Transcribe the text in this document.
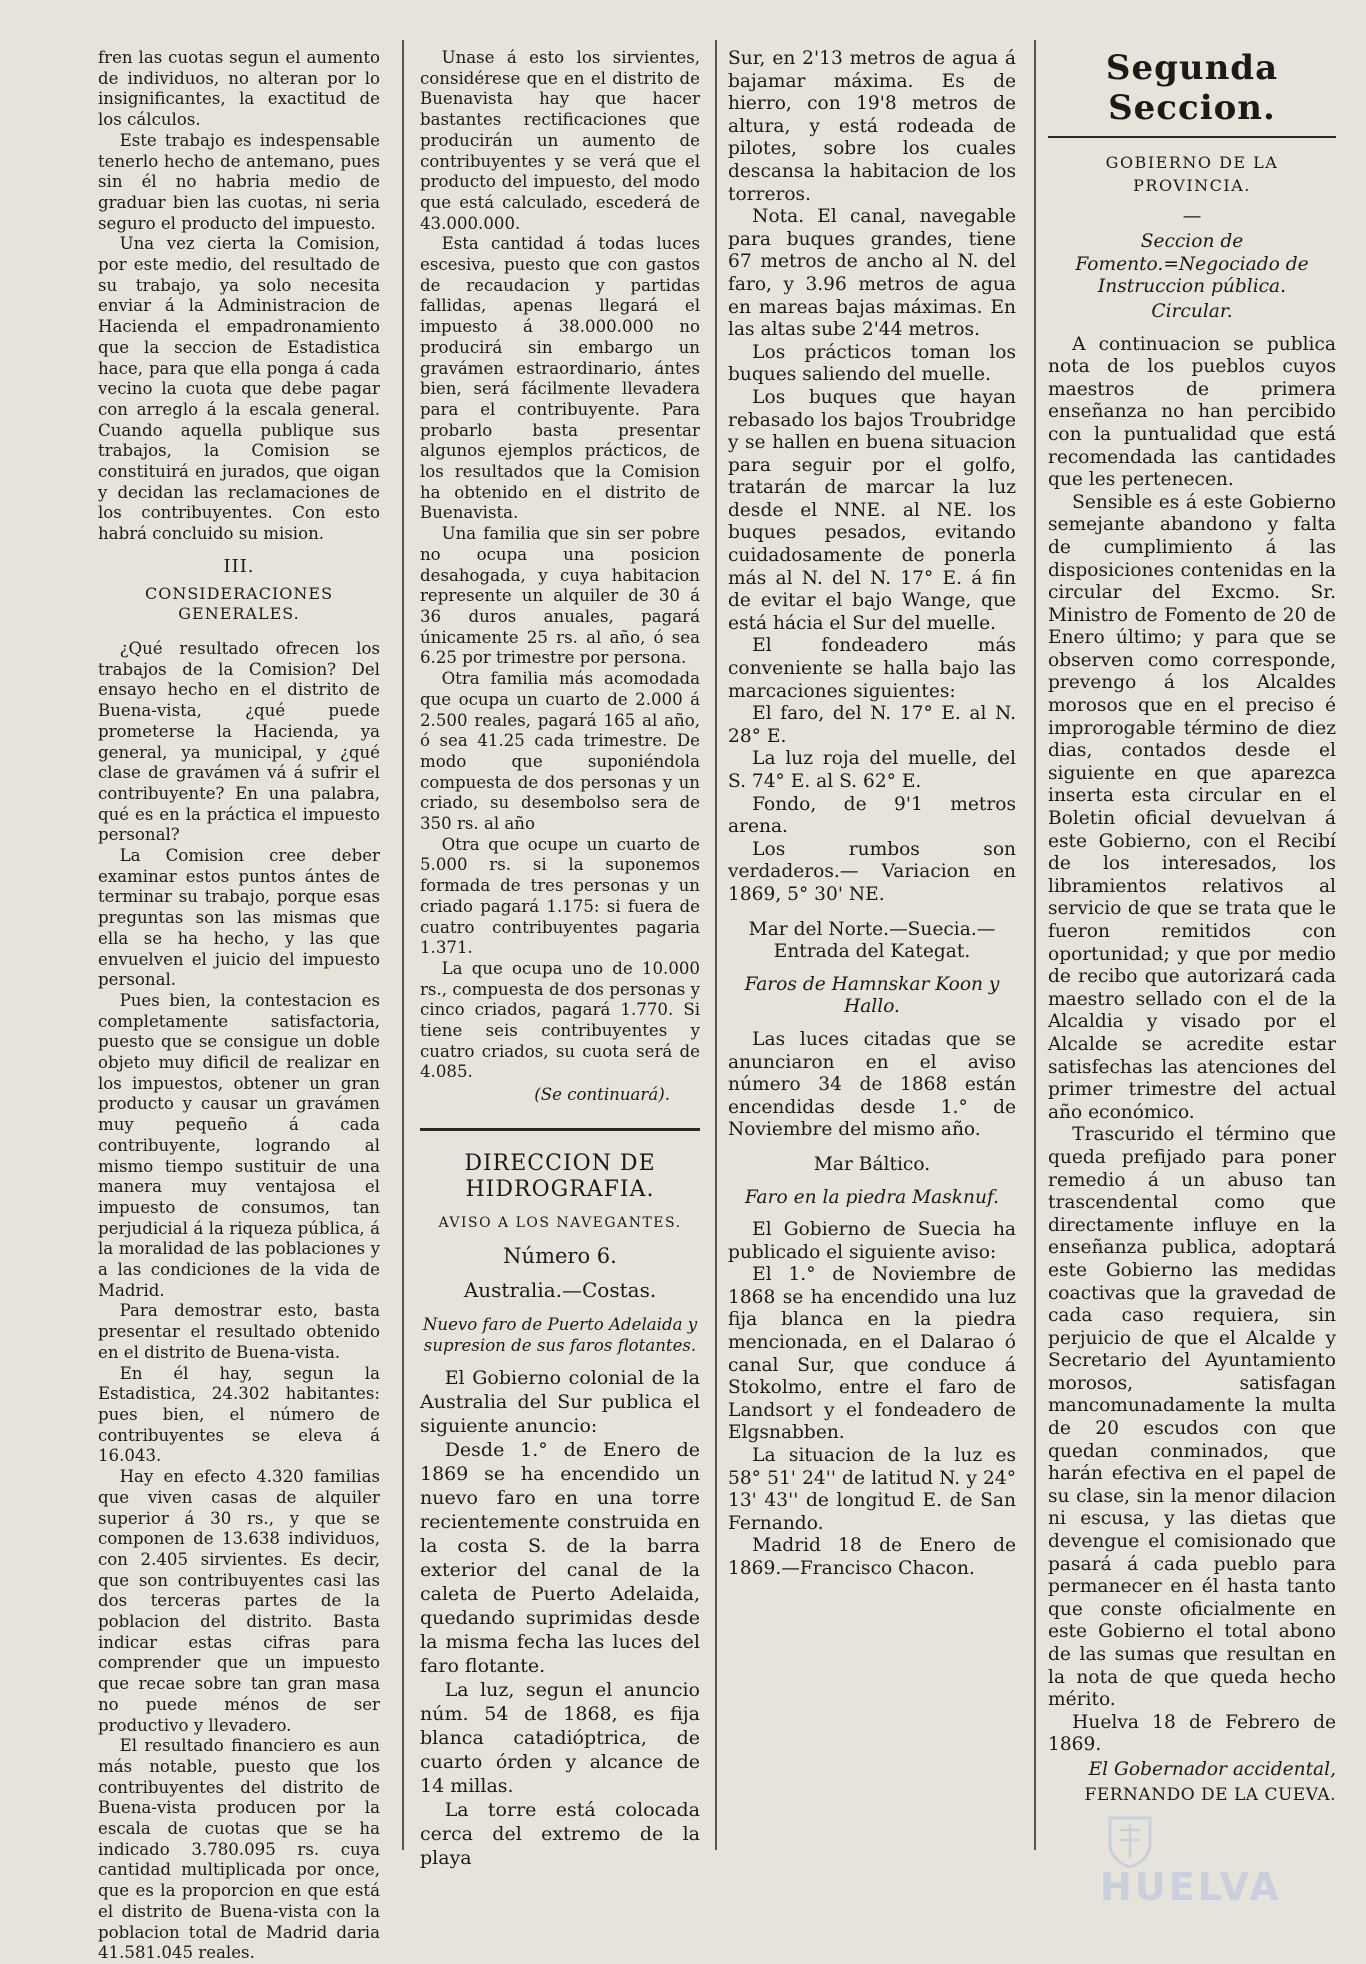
fren las cuotas segun el aumento de individuos, no alteran por lo insignificantes, la exactitud de los cálculos.

Este trabajo es indespensable tenerlo hecho de antemano, pues sin él no habria medio de graduar bien las cuotas, ni seria seguro el producto del impuesto.

Una vez cierta la Comision, por este medio, del resultado de su trabajo, ya solo necesita enviar á la Administracion de Hacienda el empadronamiento que la seccion de Estadistica hace, para que ella ponga á cada vecino la cuota que debe pagar con arreglo á la escala general. Cuando aquella publique sus trabajos, la Comision se constituirá en jurados, que oigan y decidan las reclamaciones de los contribuyentes. Con esto habrá concluido su mision.

III.
CONSIDERACIONES GENERALES.

¿Qué resultado ofrecen los trabajos de la Comision? Del ensayo hecho en el distrito de Buena-vista, ¿qué puede prometerse la Hacienda, ya general, ya municipal, y ¿qué clase de gravámen vá á sufrir el contribuyente? En una palabra, qué es en la práctica el impuesto personal?

La Comision cree deber examinar estos puntos ántes de terminar su trabajo, porque esas preguntas son las mismas que ella se ha hecho, y las que envuelven el juicio del impuesto personal.

Pues bien, la contestacion es completamente satisfactoria, puesto que se consigue un doble objeto muy dificil de realizar en los impuestos, obtener un gran producto y causar un gravámen muy pequeño á cada contribuyente, logrando al mismo tiempo sustituir de una manera muy ventajosa el impuesto de consumos, tan perjudicial á la riqueza pública, á la moralidad de las poblaciones y a las condiciones de la vida de Madrid.

Para demostrar esto, basta presentar el resultado obtenido en el distrito de Buena-vista.

En él hay, segun la Estadistica, 24.302 habitantes: pues bien, el número de contribuyentes se eleva á 16.043.

Hay en efecto 4.320 familias que viven casas de alquiler superior á 30 rs., y que se componen de 13.638 individuos, con 2.405 sirvientes. Es decir, que son contribuyentes casi las dos terceras partes de la poblacion del distrito. Basta indicar estas cifras para comprender que un impuesto que recae sobre tan gran masa no puede ménos de ser productivo y llevadero.

El resultado financiero es aun más notable, puesto que los contribuyentes del distrito de Buena-vista producen por la escala de cuotas que se ha indicado 3.780.095 rs. cuya cantidad multiplicada por once, que es la proporcion en que está el distrito de Buena-vista con la poblacion total de Madrid daria 41.581.045 reales.

Unase á esto los sirvientes, considérese que en el distrito de Buenavista hay que hacer bastantes rectificaciones que producirán un aumento de contribuyentes y se verá que el producto del impuesto, del modo que está calculado, escederá de 43.000.000.

Esta cantidad á todas luces escesiva, puesto que con gastos de recaudacion y partidas fallidas, apenas llegará el impuesto á 38.000.000 no producirá sin embargo un gravámen estraordinario, ántes bien, será fácilmente llevadera para el contribuyente. Para probarlo basta presentar algunos ejemplos prácticos, de los resultados que la Comision ha obtenido en el distrito de Buenavista.

Una familia que sin ser pobre no ocupa una posicion desahogada, y cuya habitacion represente un alquiler de 30 á 36 duros anuales, pagará únicamente 25 rs. al año, ó sea 6.25 por trimestre por persona.

Otra familia más acomodada que ocupa un cuarto de 2.000 á 2.500 reales, pagará 165 al año, ó sea 41.25 cada trimestre. De modo que suponiéndola compuesta de dos personas y un criado, su desembolso sera de 350 rs. al año

Otra que ocupe un cuarto de 5.000 rs. si la suponemos formada de tres personas y un criado pagará 1.175: si fuera de cuatro contribuyentes pagaria 1.371.

La que ocupa uno de 10.000 rs., compuesta de dos personas y cinco criados, pagará 1.770. Si tiene seis contribuyentes y cuatro criados, su cuota será de 4.085.

(Se continuará).
DIRECCION DE HIDROGRAFIA.
AVISO A LOS NAVEGANTES.
Número 6.
Australia.—Costas.
Nuevo faro de Puerto Adelaida y supresion de sus faros flotantes.

El Gobierno colonial de la Australia del Sur publica el siguiente anuncio:

Desde 1.° de Enero de 1869 se ha encendido un nuevo faro en una torre recientemente construida en la costa S. de la barra exterior del canal de la caleta de Puerto Adelaida, quedando suprimidas desde la misma fecha las luces del faro flotante.

La luz, segun el anuncio núm. 54 de 1868, es fija blanca catadióptrica, de cuarto órden y alcance de 14 millas.

La torre está colocada cerca del extremo de la playa

Sur, en 2'13 metros de agua á bajamar máxima. Es de hierro, con 19'8 metros de altura, y está rodeada de pilotes, sobre los cuales descansa la habitacion de los torreros.

Nota. El canal, navegable para buques grandes, tiene 67 metros de ancho al N. del faro, y 3.96 metros de agua en mareas bajas máximas. En las altas sube 2'44 metros.

Los prácticos toman los buques saliendo del muelle.

Los buques que hayan rebasado los bajos Troubridge y se hallen en buena situacion para seguir por el golfo, tratarán de marcar la luz desde el NNE. al NE. los buques pesados, evitando cuidadosamente de ponerla más al N. del N. 17° E. á fin de evitar el bajo Wange, que está hácia el Sur del muelle.

El fondeadero más conveniente se halla bajo las marcaciones siguientes:

El faro, del N. 17° E. al N. 28° E.

La luz roja del muelle, del S. 74° E. al S. 62° E.

Fondo, de 9'1 metros arena.

Los rumbos son verdaderos.— Variacion en 1869, 5° 30' NE.

Mar del Norte.—Suecia.— Entrada del Kategat.
Faros de Hamnskar Koon y Hallo.

Las luces citadas que se anunciaron en el aviso número 34 de 1868 están encendidas desde 1.° de Noviembre del mismo año.

Mar Báltico.
Faro en la piedra Masknuf.

El Gobierno de Suecia ha publicado el siguiente aviso:

El 1.° de Noviembre de 1868 se ha encendido una luz fija blanca en la piedra mencionada, en el Dalarao ó canal Sur, que conduce á Stokolmo, entre el faro de Landsort y el fondeadero de Elgsnabben.

La situacion de la luz es 58° 51' 24'' de latitud N. y 24° 13' 43'' de longitud E. de San Fernando.

Madrid 18 de Enero de 1869.—Francisco Chacon.

Segunda Seccion.
GOBIERNO DE LA PROVINCIA.
—
Seccion de Fomento.=Negociado de Instruccion pública.
Circular.

A continuacion se publica nota de los pueblos cuyos maestros de primera enseñanza no han percibido con la puntualidad que está recomendada las cantidades que les pertenecen.

Sensible es á este Gobierno semejante abandono y falta de cumplimiento á las disposiciones contenidas en la circular del Excmo. Sr. Ministro de Fomento de 20 de Enero último; y para que se observen como corresponde, prevengo á los Alcaldes morosos que en el preciso é improrogable término de diez dias, contados desde el siguiente en que aparezca inserta esta circular en el Boletin oficial devuelvan á este Gobierno, con el Recibí de los interesados, los libramientos relativos al servicio de que se trata que le fueron remitidos con oportunidad; y que por medio de recibo que autorizará cada maestro sellado con el de la Alcaldia y visado por el Alcalde se acredite estar satisfechas las atenciones del primer trimestre del actual año económico.

Trascurido el término que queda prefijado para poner remedio á un abuso tan trascendental como que directamente influye en la enseñanza publica, adoptará este Gobierno las medidas coactivas que la gravedad de cada caso requiera, sin perjuicio de que el Alcalde y Secretario del Ayuntamiento morosos, satisfagan mancomunadamente la multa de 20 escudos con que quedan conminados, que harán efectiva en el papel de su clase, sin la menor dilacion ni escusa, y las dietas que devengue el comisionado que pasará á cada pueblo para permanecer en él hasta tanto que conste oficialmente en este Gobierno el total abono de las sumas que resultan en la nota de que queda hecho mérito.

Huelva 18 de Febrero de 1869.

El Gobernador accidental,
FERNANDO DE LA CUEVA.
HUELVA
